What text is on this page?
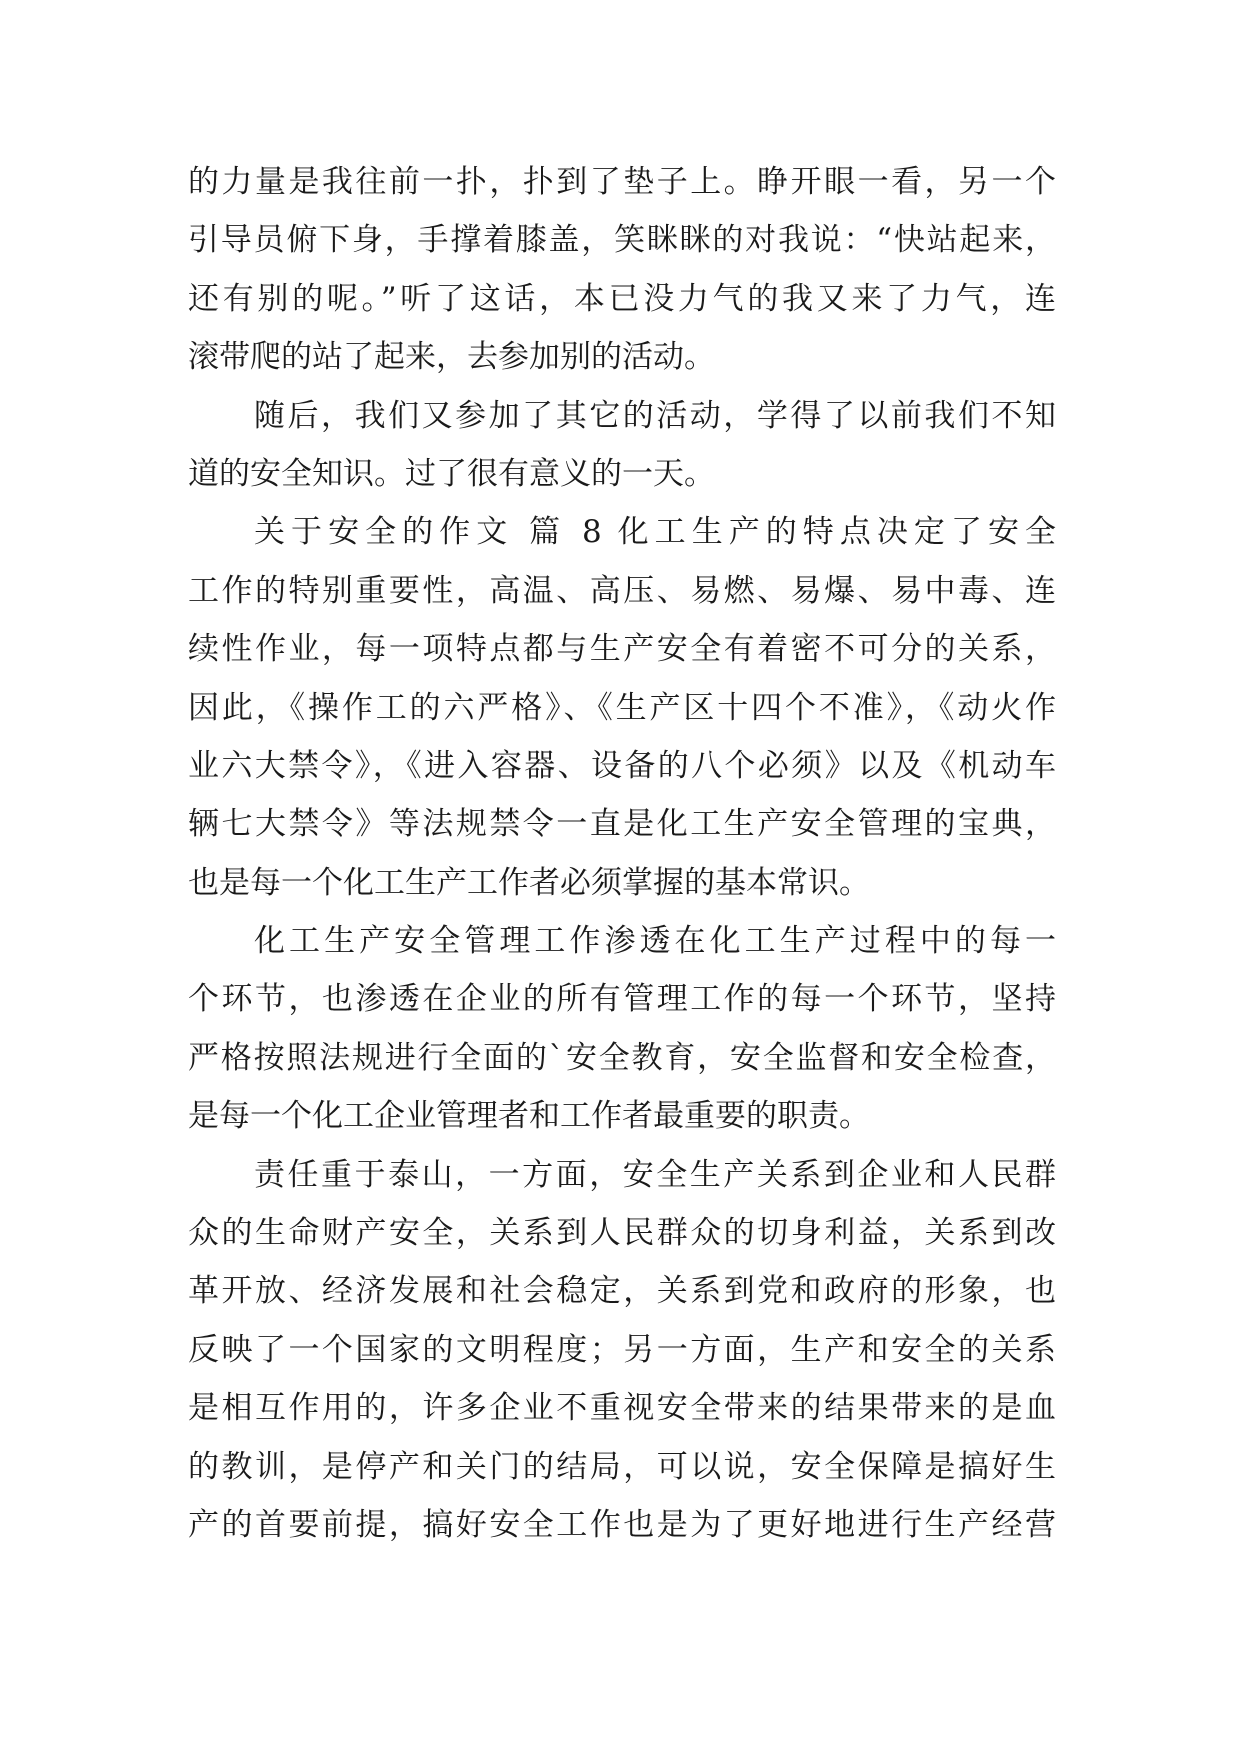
的力量是我往前一扑，扑到了垫子上。睁开眼一看，另一个
引导员俯下身，手撑着膝盖，笑眯眯的对我说：“快站起来，
还有别的呢。”听了这话，本已没力气的我又来了力气，连
滚带爬的站了起来，去参加别的活动。
随后，我们又参加了其它的活动，学得了以前我们不知
道的安全知识。过了很有意义的一天。
关于安全的作文 篇 8 化工生产的特点决定了安全
工作的特别重要性，高温、高压、易燃、易爆、易中毒、连
续性作业，每一项特点都与生产安全有着密不可分的关系，
因此，《操作工的六严格》、《生产区十四个不准》，《动火作
业六大禁令》，《进入容器、设备的八个必须》以及《机动车
辆七大禁令》等法规禁令一直是化工生产安全管理的宝典，
也是每一个化工生产工作者必须掌握的基本常识。
化工生产安全管理工作渗透在化工生产过程中的每一
个环节，也渗透在企业的所有管理工作的每一个环节，坚持
严格按照法规进行全面的`安全教育，安全监督和安全检查，
是每一个化工企业管理者和工作者最重要的职责。
责任重于泰山，一方面，安全生产关系到企业和人民群
众的生命财产安全，关系到人民群众的切身利益，关系到改
革开放、经济发展和社会稳定，关系到党和政府的形象，也
反映了一个国家的文明程度；另一方面，生产和安全的关系
是相互作用的，许多企业不重视安全带来的结果带来的是血
的教训，是停产和关门的结局，可以说，安全保障是搞好生
产的首要前提，搞好安全工作也是为了更好地进行生产经营
